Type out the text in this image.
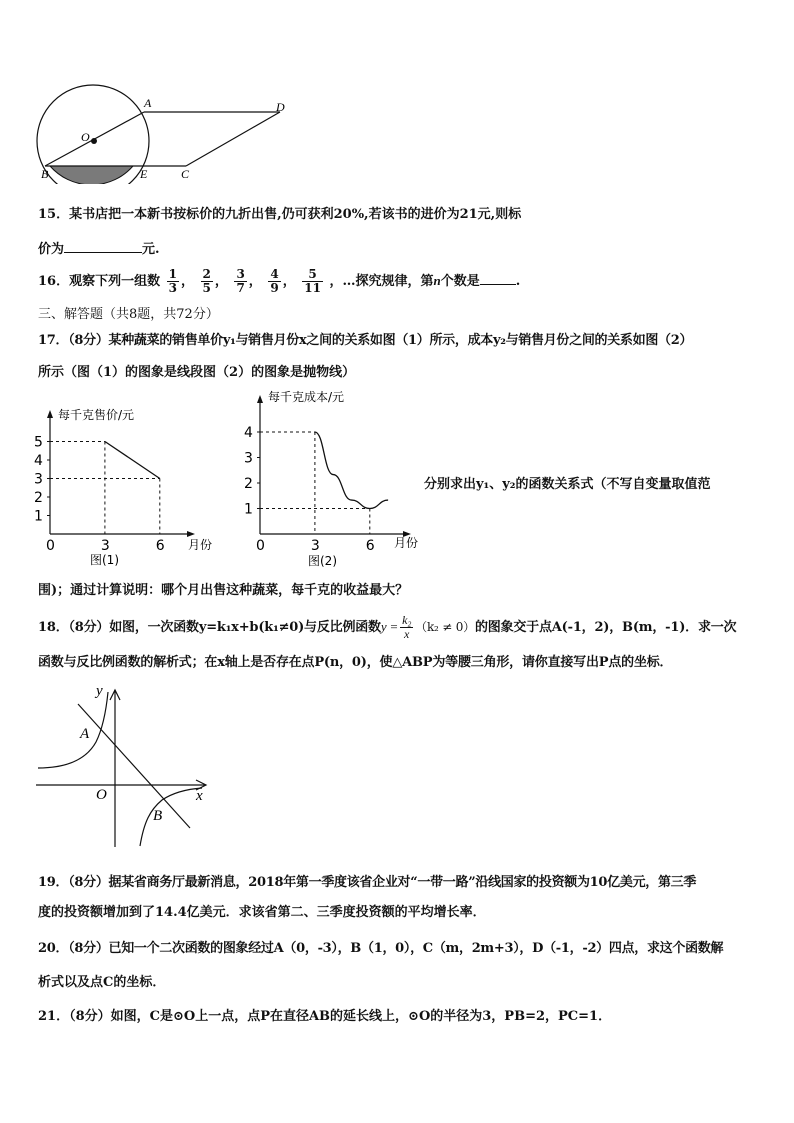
A	D
O
B	E	C
15．某书店把一本新书按标价的九折出售,仍可获利20%,若该书的进价为21元,则标
价为	元.
16．观察下列一组数 $\frac{1}{3}$ ， $\frac{2}{5}$ ， $\frac{3}{7}$ ， $\frac{4}{9}$ ， $\frac{5}{11}$ ，…探究规律，第n个数是	.
三、解答题（共8题，共72分）
17．（8分）某种蔬菜的销售单价y₁与销售月份x之间的关系如图（1）所示，成本y₂与销售月份之间的关系如图（2）
所示（图（1）的图象是线段图（2）的图象是抛物线）
每千克售价/元
1
2
3
4
5
0	3	6 月份
图(1)
每千克成本/元
1
2
3
4
0	3	6 月份
图(2)
分别求出y₁、y₂的函数关系式（不写自变量取值范
围)；通过计算说明：哪个月出售这种蔬菜，每千克的收益最大？
18．（8分）如图，一次函数y=k₁x+b(k₁≠0)与反比例函数$y = \frac{\text{k₂}}{x} (k_2 \ne 0)$的图象交于点A(-1，2)，B(m，-1)．求一次
函数与反比例函数的解析式；在x轴上是否存在点P(n，0)，使△ABP为等腰三角形，请你直接写出P点的坐标．
y
x
O
A
B
19．（8分）据某省商务厅最新消息，2018年第一季度该省企业对“一带一路”沿线国家的投资额为10亿美元，第三季
度的投资额增加到了14.4亿美元．求该省第二、三季度投资额的平均增长率．
20．（8分）已知一个二次函数的图象经过A（0，-3），B（1，0），C（m，2m+3），D（-1，-2）四点，求这个函数解
析式以及点C的坐标．
21．（8分）如图，C是⊙O上一点，点P在直径AB的延长线上，⊙O的半径为3，PB=2，PC=1．
